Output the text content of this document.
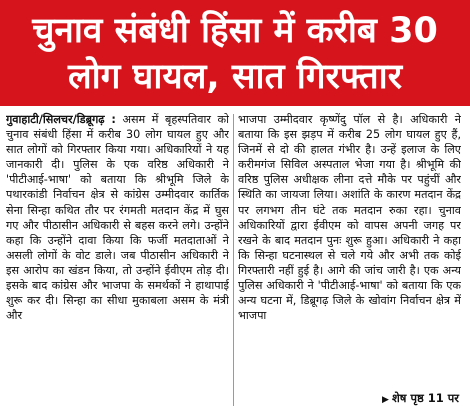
चुनाव संबंधी हिंसा में करीब 30
लोग घायल, सात गिरफ्तार
गुवाहाटी/सिलचर/डिब्रूगढ़ : असम में बृहस्पतिवार को चुनाव संबंधी हिंसा में करीब 30 लोग घायल हुए और सात लोगों को गिरफ्तार किया गया। अधिकारियों ने यह जानकारी दी। पुलिस के एक वरिष्ठ अधिकारी ने 'पीटीआई-भाषा' को बताया कि श्रीभूमि जिले के पथारकांडी निर्वाचन क्षेत्र से कांग्रेस उम्मीदवार कार्तिक सेना सिन्हा कथित तौर पर रंगमती मतदान केंद्र में घुस गए और पीठासीन अधिकारी से बहस करने लगे। उन्होंने कहा कि उन्होंने दावा किया कि फर्जी मतदाताओं ने असली लोगों के वोट डाले। जब पीठासीन अधिकारी ने इस आरोप का खंडन किया, तो उन्होंने ईवीएम तोड़ दी। इसके बाद कांग्रेस और भाजपा के समर्थकों ने हाथापाई शुरू कर दी। सिन्हा का सीधा मुकाबला असम के मंत्री और
भाजपा उम्मीदवार कृष्णेंदु पॉल से है। अधिकारी ने बताया कि इस झड़प में करीब 25 लोग घायल हुए हैं, जिनमें से दो की हालत गंभीर है। उन्हें इलाज के लिए करीमगंज सिविल अस्पताल भेजा गया है। श्रीभूमि की वरिष्ठ पुलिस अधीक्षक लीना दत्ते मौके पर पहुंचीं और स्थिति का जायजा लिया। अशांति के कारण मतदान केंद्र पर लगभग तीन घंटे तक मतदान रुका रहा। चुनाव अधिकारियों द्वारा ईवीएम को वापस अपनी जगह पर रखने के बाद मतदान पुनः शुरू हुआ। अधिकारी ने कहा कि सिन्हा घटनास्थल से चले गये और अभी तक कोई गिरफ्तारी नहीं हुई है। आगे की जांच जारी है। एक अन्य पुलिस अधिकारी ने 'पीटीआई-भाषा' को बताया कि एक अन्य घटना में, डिब्रूगढ़ जिले के खोवांग निर्वाचन क्षेत्र में भाजपा
▶ शेष पृष्ठ 11 पर
